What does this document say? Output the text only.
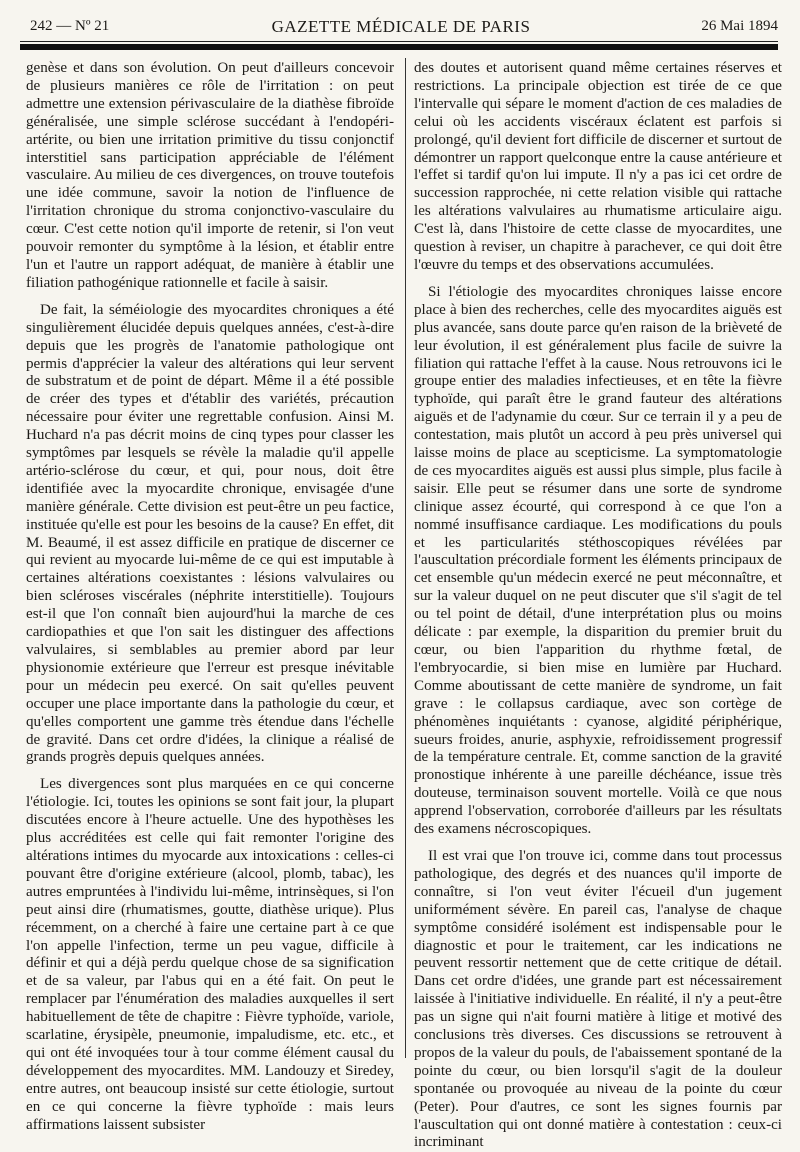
242 — Nº 21	GAZETTE MÉDICALE DE PARIS	26 Mai 1894

genèse et dans son évolution. On peut d'ailleurs concevoir de plusieurs manières ce rôle de l'irritation : on peut admettre une extension périvasculaire de la diathèse fibroïde généralisée, une simple sclérose succédant à l'endopéri-artérite, ou bien une irritation primitive du tissu conjonctif interstitiel sans participation appréciable de l'élément vasculaire. Au milieu de ces divergences, on trouve toutefois une idée commune, savoir la notion de l'influence de l'irritation chronique du stroma conjonctivo-vasculaire du cœur. C'est cette notion qu'il importe de retenir, si l'on veut pouvoir remonter du symptôme à la lésion, et établir entre l'un et l'autre un rapport adéquat, de manière à établir une filiation pathogénique rationnelle et facile à saisir.

De fait, la séméiologie des myocardites chroniques a été singulièrement élucidée depuis quelques années, c'est-à-dire depuis que les progrès de l'anatomie pathologique ont permis d'apprécier la valeur des altérations qui leur servent de substratum et de point de départ. Même il a été possible de créer des types et d'établir des variétés, précaution nécessaire pour éviter une regrettable confusion. Ainsi M. Huchard n'a pas décrit moins de cinq types pour classer les symptômes par lesquels se révèle la maladie qu'il appelle artério-sclérose du cœur, et qui, pour nous, doit être identifiée avec la myocardite chronique, envisagée d'une manière générale. Cette division est peut-être un peu factice, instituée qu'elle est pour les besoins de la cause? En effet, dit M. Beaumé, il est assez difficile en pratique de discerner ce qui revient au myocarde lui-même de ce qui est imputable à certaines altérations coexistantes : lésions valvulaires ou bien scléroses viscérales (néphrite interstitielle). Toujours est-il que l'on connaît bien aujourd'hui la marche de ces cardiopathies et que l'on sait les distinguer des affections valvulaires, si semblables au premier abord par leur physionomie extérieure que l'erreur est presque inévitable pour un médecin peu exercé. On sait qu'elles peuvent occuper une place importante dans la pathologie du cœur, et qu'elles comportent une gamme très étendue dans l'échelle de gravité. Dans cet ordre d'idées, la clinique a réalisé de grands progrès depuis quelques années.

Les divergences sont plus marquées en ce qui concerne l'étiologie. Ici, toutes les opinions se sont fait jour, la plupart discutées encore à l'heure actuelle. Une des hypothèses les plus accréditées est celle qui fait remonter l'origine des altérations intimes du myocarde aux intoxications : celles-ci pouvant être d'origine extérieure (alcool, plomb, tabac), les autres empruntées à l'individu lui-même, intrinsèques, si l'on peut ainsi dire (rhumatismes, goutte, diathèse urique). Plus récemment, on a cherché à faire une certaine part à ce que l'on appelle l'infection, terme un peu vague, difficile à définir et qui a déjà perdu quelque chose de sa signification et de sa valeur, par l'abus qui en a été fait. On peut le remplacer par l'énumération des maladies auxquelles il sert habituellement de tête de chapitre : Fièvre typhoïde, variole, scarlatine, érysipèle, pneumonie, impaludisme, etc. etc., et qui ont été invoquées tour à tour comme élément causal du développement des myocardites. MM. Landouzy et Siredey, entre autres, ont beaucoup insisté sur cette étiologie, surtout en ce qui concerne la fièvre typhoïde : mais leurs affirmations laissent subsister

des doutes et autorisent quand même certaines réserves et restrictions. La principale objection est tirée de ce que l'intervalle qui sépare le moment d'action de ces maladies de celui où les accidents viscéraux éclatent est parfois si prolongé, qu'il devient fort difficile de discerner et surtout de démontrer un rapport quelconque entre la cause antérieure et l'effet si tardif qu'on lui impute. Il n'y a pas ici cet ordre de succession rapprochée, ni cette relation visible qui rattache les altérations valvulaires au rhumatisme articulaire aigu. C'est là, dans l'histoire de cette classe de myocardites, une question à reviser, un chapitre à parachever, ce qui doit être l'œuvre du temps et des observations accumulées.

Si l'étiologie des myocardites chroniques laisse encore place à bien des recherches, celle des myocardites aiguës est plus avancée, sans doute parce qu'en raison de la brièveté de leur évolution, il est généralement plus facile de suivre la filiation qui rattache l'effet à la cause. Nous retrouvons ici le groupe entier des maladies infectieuses, et en tête la fièvre typhoïde, qui paraît être le grand fauteur des altérations aiguës et de l'adynamie du cœur. Sur ce terrain il y a peu de contestation, mais plutôt un accord à peu près universel qui laisse moins de place au scepticisme. La symptomatologie de ces myocardites aiguës est aussi plus simple, plus facile à saisir. Elle peut se résumer dans une sorte de syndrome clinique assez écourté, qui correspond à ce que l'on a nommé insuffisance cardiaque. Les modifications du pouls et les particularités stéthoscopiques révélées par l'auscultation précordiale forment les éléments principaux de cet ensemble qu'un médecin exercé ne peut méconnaître, et sur la valeur duquel on ne peut discuter que s'il s'agit de tel ou tel point de détail, d'une interprétation plus ou moins délicate : par exemple, la disparition du premier bruit du cœur, ou bien l'apparition du rhythme fœtal, de l'embryocardie, si bien mise en lumière par Huchard. Comme aboutissant de cette manière de syndrome, un fait grave : le collapsus cardiaque, avec son cortège de phénomènes inquiétants : cyanose, algidité périphérique, sueurs froides, anurie, asphyxie, refroidissement progressif de la température centrale. Et, comme sanction de la gravité pronostique inhérente à une pareille déchéance, issue très douteuse, terminaison souvent mortelle. Voilà ce que nous apprend l'observation, corroborée d'ailleurs par les résultats des examens nécroscopiques.

Il est vrai que l'on trouve ici, comme dans tout processus pathologique, des degrés et des nuances qu'il importe de connaître, si l'on veut éviter l'écueil d'un jugement uniformément sévère. En pareil cas, l'analyse de chaque symptôme considéré isolément est indispensable pour le diagnostic et pour le traitement, car les indications ne peuvent ressortir nettement que de cette critique de détail. Dans cet ordre d'idées, une grande part est nécessairement laissée à l'initiative individuelle. En réalité, il n'y a peut-être pas un signe qui n'ait fourni matière à litige et motivé des conclusions très diverses. Ces discussions se retrouvent à propos de la valeur du pouls, de l'abaissement spontané de la pointe du cœur, ou bien lorsqu'il s'agit de la douleur spontanée ou provoquée au niveau de la pointe du cœur (Peter). Pour d'autres, ce sont les signes fournis par l'auscultation qui ont donné matière à contestation : ceux-ci incriminant
